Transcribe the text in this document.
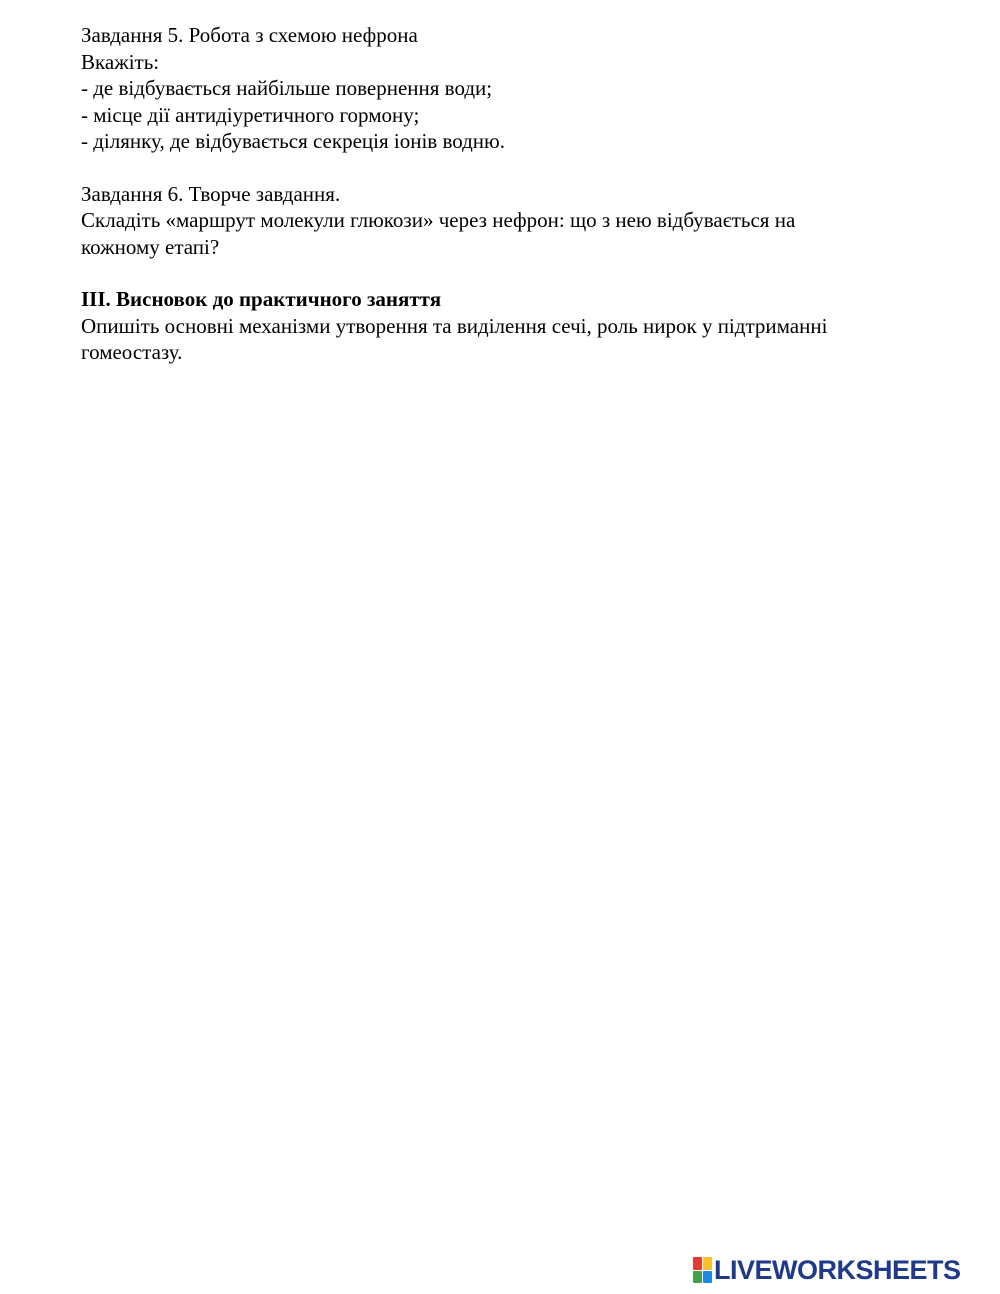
Завдання 5. Робота з схемою нефрона

Вкажіть:

- де відбувається найбільше повернення води;

- місце дії антидіуретичного гормону;

- ділянку, де відбувається секреція іонів водню.

Завдання 6. Творче завдання.

Складіть «маршрут молекули глюкози» через нефрон: що з нею відбувається на

кожному етапі?

ІІІ. Висновок до практичного заняття

Опишіть основні механізми утворення та виділення сечі, роль нирок у підтриманні

гомеостазу.

LIVEWORKSHEETS
